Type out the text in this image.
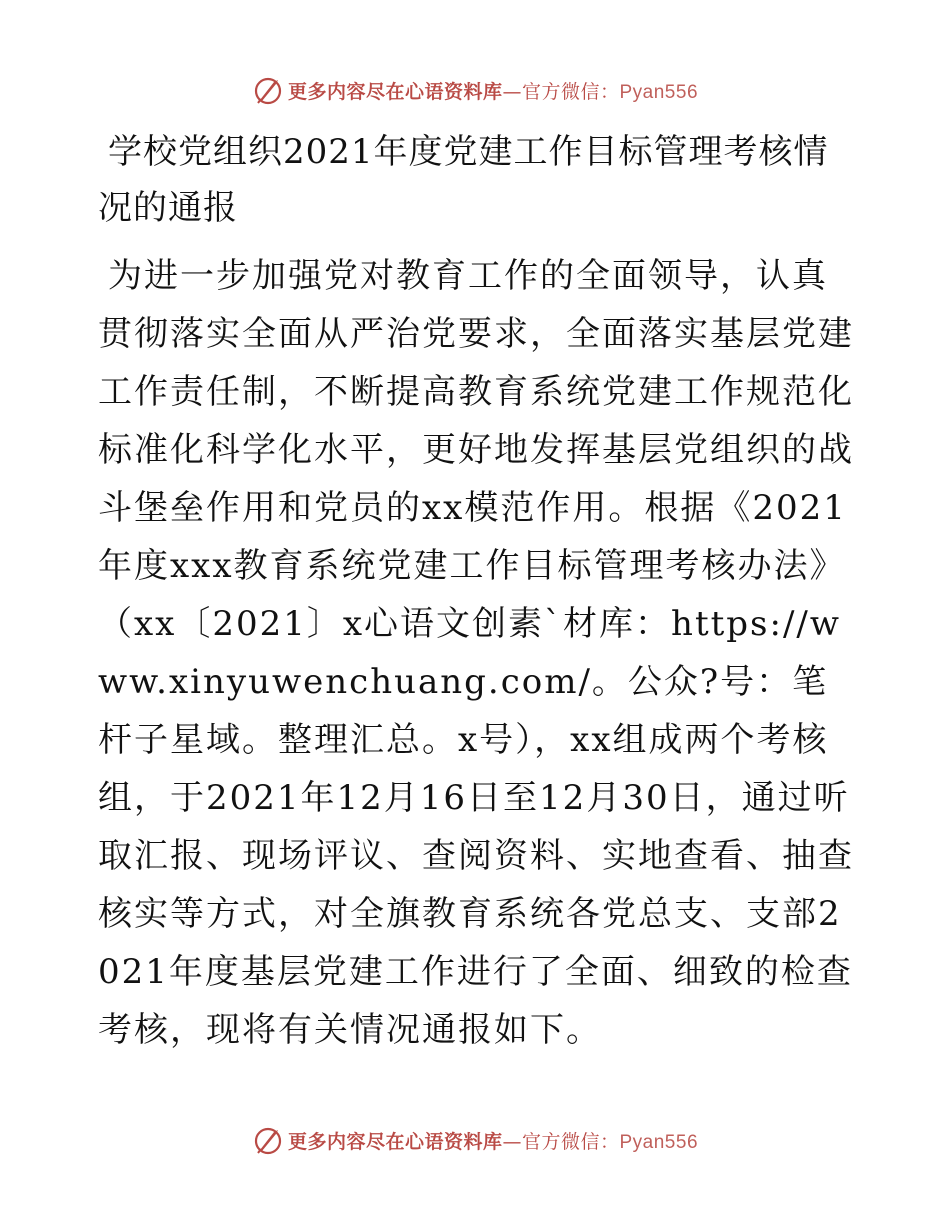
更多内容尽在心语资料库—官方微信：Pyan556
学校党组织2021年度党建工作目标管理考核情况的通报

为进一步加强党对教育工作的全面领导，认真贯彻落实全面从严治党要求，全面落实基层党建工作责任制，不断提高教育系统党建工作规范化标准化科学化水平，更好地发挥基层党组织的战斗堡垒作用和党员的xx模范作用。根据《2021年度xxx教育系统党建工作目标管理考核办法》（xx〔2021〕x心语文创素`材库：https://www.xinyuwenchuang.com/。公众?号：笔杆子星域。整理汇总。x号），xx组成两个考核组，于2021年12月16日至12月30日，通过听取汇报、现场评议、查阅资料、实地查看、抽查核实等方式，对全旗教育系统各党总支、支部2021年度基层党建工作进行了全面、细致的检查考核，现将有关情况通报如下。

更多内容尽在心语资料库—官方微信：Pyan556
